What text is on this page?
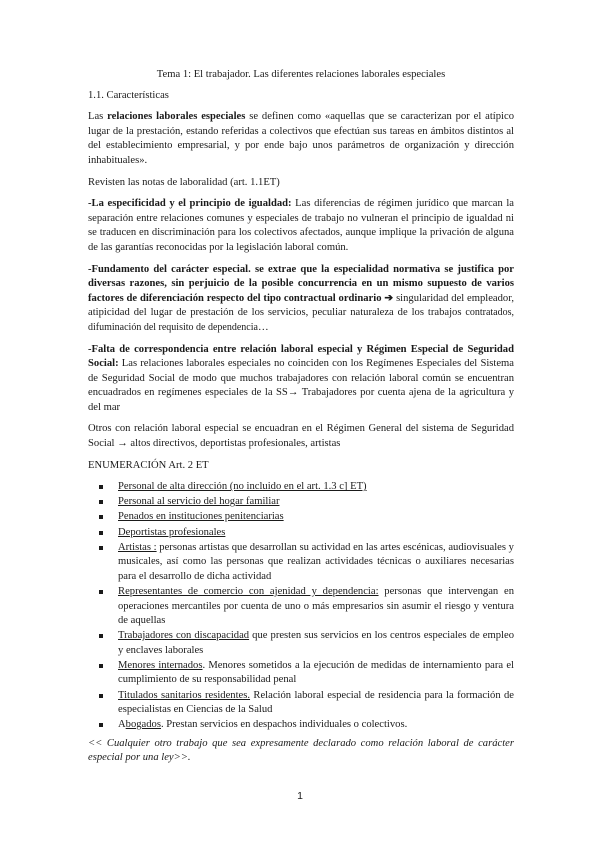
Tema 1: El trabajador. Las diferentes relaciones laborales especiales

1.1. Características

Las relaciones laborales especiales se definen como «aquellas que se caracterizan por el atípico lugar de la prestación, estando referidas a colectivos que efectúan sus tareas en ámbitos distintos al del establecimiento empresarial, y por ende bajo unos parámetros de organización y dirección inhabituales».

Revisten las notas de laboralidad (art. 1.1ET)

-La especificidad y el principio de igualdad: Las diferencias de régimen jurídico que marcan la separación entre relaciones comunes y especiales de trabajo no vulneran el principio de igualdad ni se traducen en discriminación para los colectivos afectados, aunque implique la privación de alguna de las garantías reconocidas por la legislación laboral común.

-Fundamento del carácter especial. se extrae que la especialidad normativa se justifica por diversas razones, sin perjuicio de la posible concurrencia en un mismo supuesto de varios factores de diferenciación respecto del tipo contractual ordinario ➔ singularidad del empleador, atipicidad del lugar de prestación de los servicios, peculiar naturaleza de los trabajos contratados, difuminación del requisito de dependencia…

-Falta de correspondencia entre relación laboral especial y Régimen Especial de Seguridad Social: Las relaciones laborales especiales no coinciden con los Regímenes Especiales del Sistema de Seguridad Social de modo que muchos trabajadores con relación laboral común se encuentran encuadrados en regímenes especiales de la SS→ Trabajadores por cuenta ajena de la agricultura y del mar

Otros con relación laboral especial se encuadran en el Régimen General del sistema de Seguridad Social → altos directivos, deportistas profesionales, artistas

ENUMERACIÓN Art. 2 ET

Personal de alta dirección (no incluido en el art. 1.3 c] ET)
Personal al servicio del hogar familiar
Penados en instituciones penitenciarias
Deportistas profesionales
Artistas : personas artistas que desarrollan su actividad en las artes escénicas, audiovisuales y musicales, así como las personas que realizan actividades técnicas o auxiliares necesarias para el desarrollo de dicha actividad
Representantes de comercio con ajenidad y dependencia: personas que intervengan en operaciones mercantiles por cuenta de uno o más empresarios sin asumir el riesgo y ventura de aquellas
Trabajadores con discapacidad que presten sus servicios en los centros especiales de empleo y enclaves laborales
Menores internados. Menores sometidos a la ejecución de medidas de internamiento para el cumplimiento de su responsabilidad penal
Titulados sanitarios residentes. Relación laboral especial de residencia para la formación de especialistas en Ciencias de la Salud
Abogados. Prestan servicios en despachos individuales o colectivos.

<< Cualquier otro trabajo que sea expresamente declarado como relación laboral de carácter especial por una ley>>.

1
